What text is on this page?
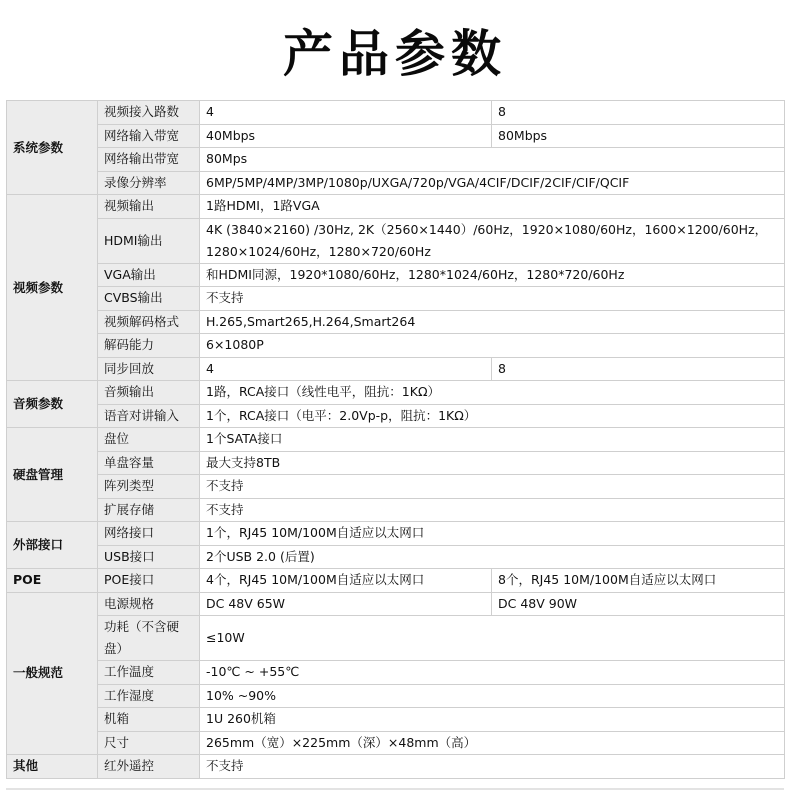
产品参数
系统参数	视频接入路数	4	8
	网络输入带宽	40Mbps	80Mbps
	网络输出带宽	80Mps	
	录像分辨率	6MP/5MP/4MP/3MP/1080p/UXGA/720p/VGA/4CIF/DCIF/2CIF/CIF/QCIF	
视频参数	视频输出	1路HDMI，1路VGA	
	HDMI输出	4K (3840×2160) /30Hz, 2K（2560×1440）/60Hz，1920×1080/60Hz，1600×1200/60Hz，1280×1024/60Hz，1280×720/60Hz	
	VGA输出	和HDMI同源，1920*1080/60Hz，1280*1024/60Hz，1280*720/60Hz	
	CVBS输出	不支持	
	视频解码格式	H.265,Smart265,H.264,Smart264	
	解码能力	6×1080P	
	同步回放	4	8
音频参数	音频输出	1路，RCA接口（线性电平，阻抗：1KΩ）	
	语音对讲输入	1个，RCA接口（电平：2.0Vp-p，阻抗：1KΩ）	
硬盘管理	盘位	1个SATA接口	
	单盘容量	最大支持8TB	
	阵列类型	不支持	
	扩展存储	不支持	
外部接口	网络接口	1个，RJ45 10M/100M自适应以太网口	
	USB接口	2个USB 2.0 (后置)	
POE	POE接口	4个，RJ45 10M/100M自适应以太网口	8个，RJ45 10M/100M自适应以太网口
一般规范	电源规格	DC 48V 65W	DC 48V 90W
	功耗（不含硬盘）	≤10W	
	工作温度	-10℃ ~ +55℃	
	工作湿度	10% ~90%	
	机箱	1U 260机箱	
	尺寸	265mm（宽）×225mm（深）×48mm（高）	
其他	红外遥控	不支持	
